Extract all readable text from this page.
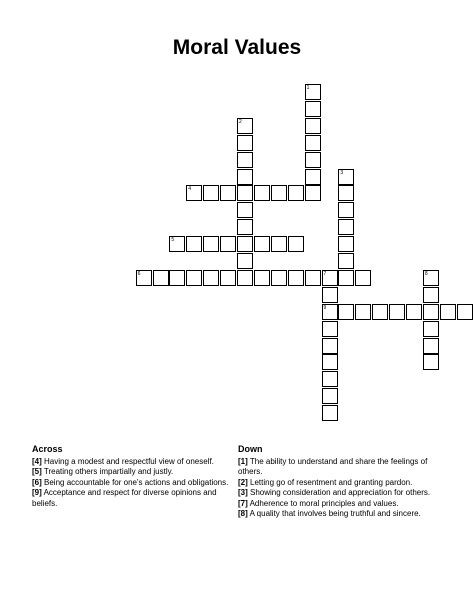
Moral Values
1
2
3
4
5
6	7
9
8
Across
[4] Having a modest and respectful view of oneself.
[5] Treating others impartially and justly.
[6] Being accountable for one's actions and obligations.
[9] Acceptance and respect for diverse opinions and beliefs.
Down
[1] The ability to understand and share the feelings of others.
[2] Letting go of resentment and granting pardon.
[3] Showing consideration and appreciation for others.
[7] Adherence to moral principles and values.
[8] A quality that involves being truthful and sincere.
